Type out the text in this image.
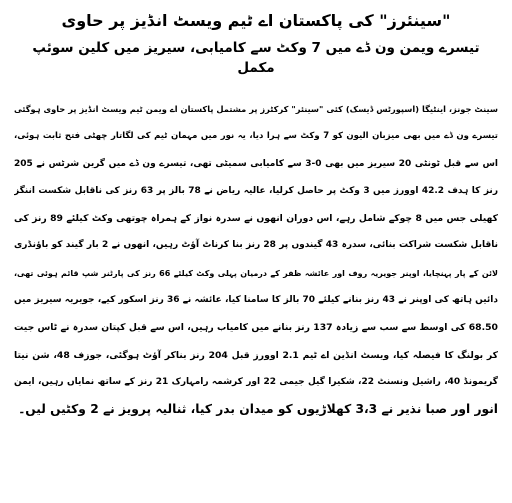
"سینئرز" کی پاکستان اے ٹیم ویسٹ انڈیز پر حاوی
تیسرے ویمن ون ڈے میں 7 وکٹ سے کامیابی، سیریز میں کلین سوئپ مکمل
سینٹ جونز، اینٹیگا (اسپورٹس ڈیسک) کئی "سینئر" کرکٹرز پر مشتمل پاکستان اے ویمن ٹیم ویسٹ انڈیز پر حاوی ہوگئی
تیسرے ون ڈے میں بھی میزبان الیون کو 7 وکٹ سے ہرا دیا، یہ نور میں مہمان ٹیم کی لگاتار چھٹی فتح ثابت ہوئی،
اس سے قبل ٹونٹی 20 سیریز میں بھی 0-3 سے کامیابی سمیٹی تھی، تیسرے ون ڈے میں گرین شرٹس نے 205
رنز کا ہدف 42.2 اوورز میں 3 وکٹ پر حاصل کرلیا، عالیہ ریاض نے 78 بالز پر 63 رنز کی ناقابل شکست اننگز
کھیلی جس میں 8 چوکے شامل رہے، اس دوران انھوں نے سدرہ نواز کے ہمراہ چوتھی وکٹ کیلئے 89 رنز کی
ناقابل شکست شراکت بنائی، سدرہ 43 گیندوں پر 28 رنز بنا کرناٹ آؤٹ رہیں، انھوں نے 2 بار گیند کو باؤنڈری
لائن کے پار پہنچایا، اوپنر جویریہ روف اور عائشہ ظفر کے درمیان پہلی وکٹ کیلئے 66 رنز کی پارٹنر شپ قائم ہوئی تھی،
دائیں ہاتھ کی اوپنر نے 43 رنز بنانے کیلئے 70 بالز کا سامنا کیا، عائشہ نے 36 رنز اسکور کیے، جویریہ سیریز میں
68.50 کی اوسط سے سب سے زیادہ 137 رنز بنانے میں کامیاب رہیں، اس سے قبل کپتان سدرہ نے ٹاس جیت
کر بولنگ کا فیصلہ کیا، ویسٹ انڈین اے ٹیم 2.1 اوورز قبل 204 رنز بناکر آؤٹ ہوگئی، جوزف 48، شن نیتا
گریمونڈ 40، راشیل ونسنٹ 22، شکیرا گیل جیمی 22 اور کرشمہ رامہارک 21 رنز کے ساتھ نمایاں رہیں، ایمن
انور اور صبا نذیر نے 3،3 کھلاڑیوں کو میدان بدر کیا، ثنالیہ پرویز نے 2 وکٹیں لیں۔
